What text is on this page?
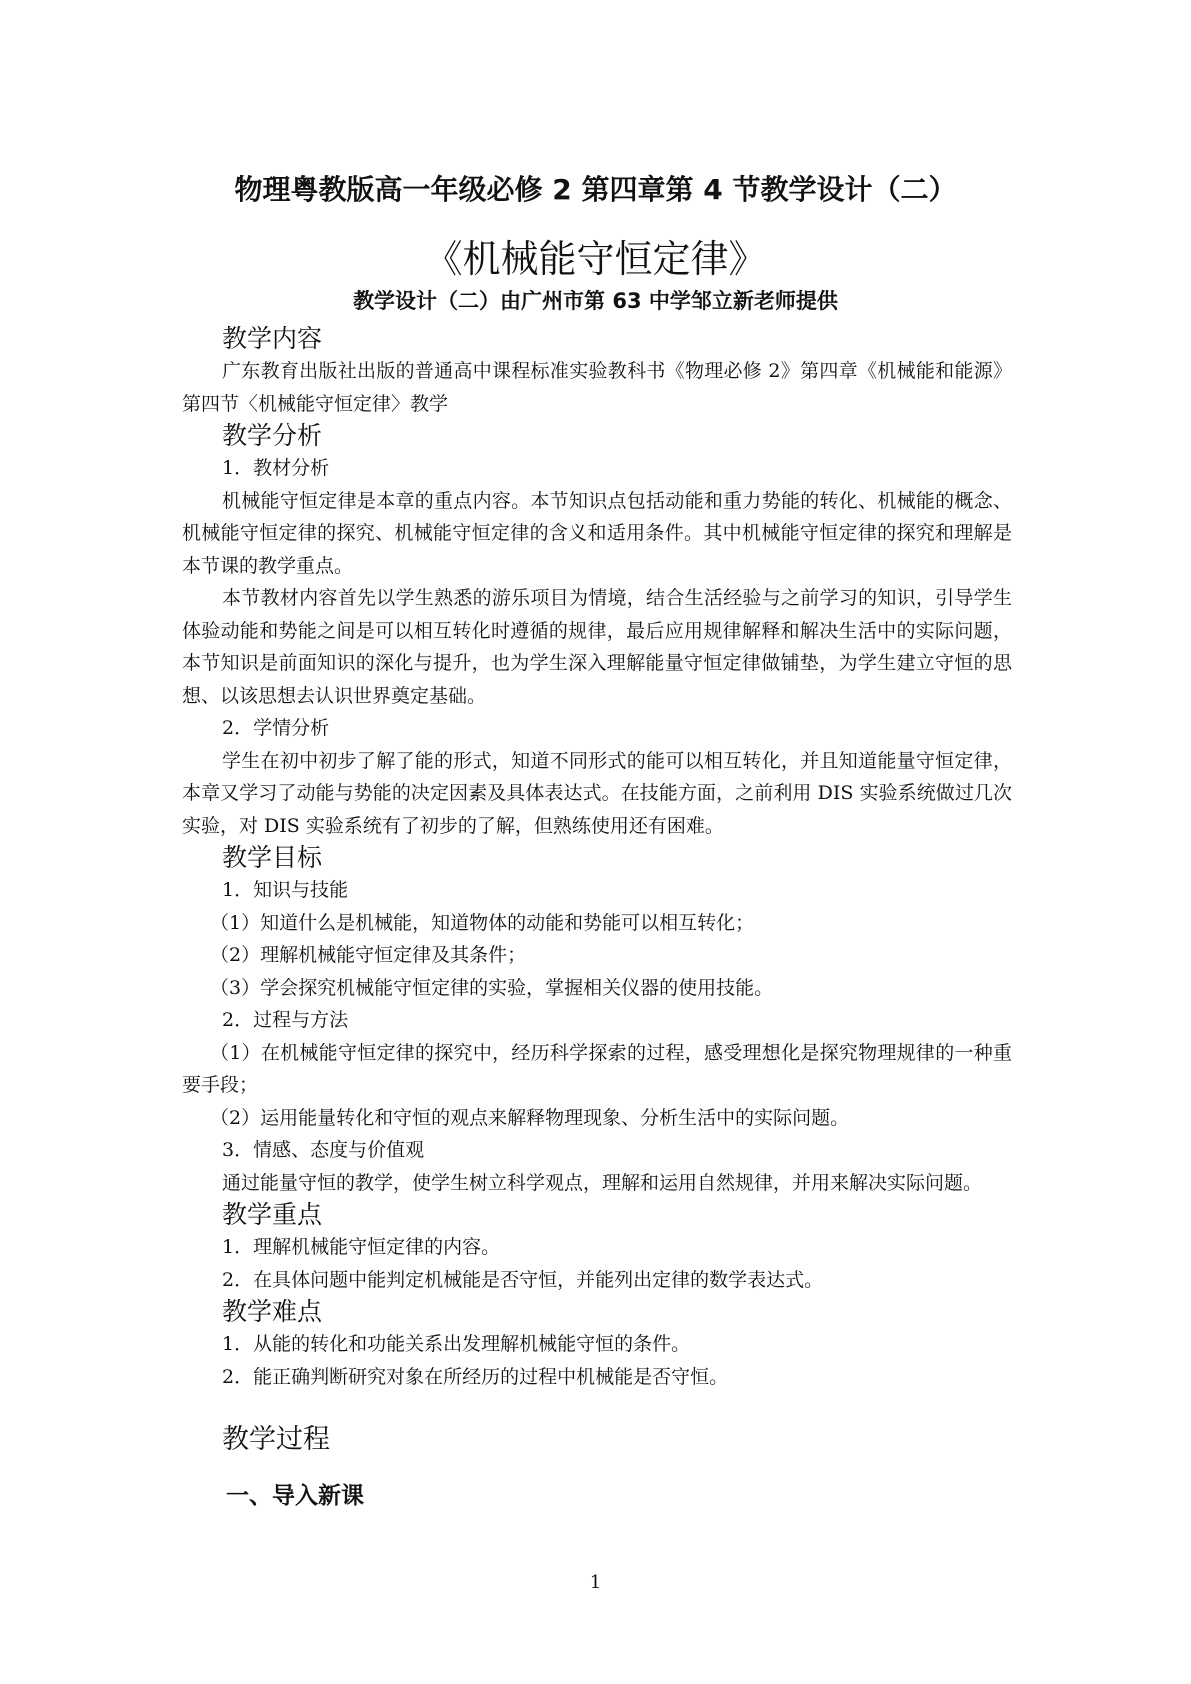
物理粤教版高一年级必修 2 第四章第 4 节教学设计（二）
《机械能守恒定律》
教学设计（二）由广州市第 63 中学邹立新老师提供
教学内容

广东教育出版社出版的普通高中课程标准实验教科书《物理必修 2》第四章《机械能和能源》第四节〈机械能守恒定律〉教学

教学分析

1．教材分析

机械能守恒定律是本章的重点内容。本节知识点包括动能和重力势能的转化、机械能的概念、机械能守恒定律的探究、机械能守恒定律的含义和适用条件。其中机械能守恒定律的探究和理解是本节课的教学重点。

本节教材内容首先以学生熟悉的游乐项目为情境，结合生活经验与之前学习的知识，引导学生体验动能和势能之间是可以相互转化时遵循的规律，最后应用规律解释和解决生活中的实际问题，本节知识是前面知识的深化与提升，也为学生深入理解能量守恒定律做铺垫，为学生建立守恒的思想、以该思想去认识世界奠定基础。

2．学情分析

学生在初中初步了解了能的形式，知道不同形式的能可以相互转化，并且知道能量守恒定律，本章又学习了动能与势能的决定因素及具体表达式。在技能方面，之前利用 DIS 实验系统做过几次实验，对 DIS 实验系统有了初步的了解，但熟练使用还有困难。

教学目标

1．知识与技能

（1）知道什么是机械能，知道物体的动能和势能可以相互转化；

（2）理解机械能守恒定律及其条件；

（3）学会探究机械能守恒定律的实验，掌握相关仪器的使用技能。

2．过程与方法

（1）在机械能守恒定律的探究中，经历科学探索的过程，感受理想化是探究物理规律的一种重要手段；

（2）运用能量转化和守恒的观点来解释物理现象、分析生活中的实际问题。

3．情感、态度与价值观

通过能量守恒的教学，使学生树立科学观点，理解和运用自然规律，并用来解决实际问题。

教学重点

1．理解机械能守恒定律的内容。

2．在具体问题中能判定机械能是否守恒，并能列出定律的数学表达式。

教学难点

1．从能的转化和功能关系出发理解机械能守恒的条件。

2．能正确判断研究对象在所经历的过程中机械能是否守恒。

教学过程
一、导入新课
1
